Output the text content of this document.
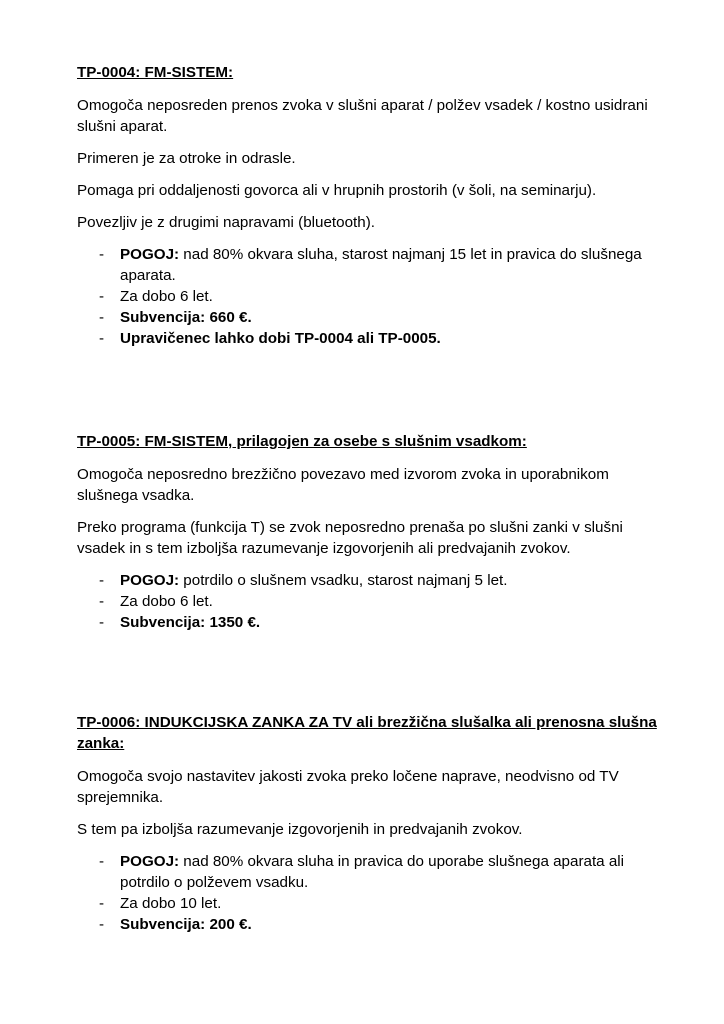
TP-0004: FM-SISTEM:

Omogoča neposreden prenos zvoka v slušni aparat / polžev vsadek / kostno usidrani slušni aparat.

Primeren je za otroke in odrasle.

Pomaga pri oddaljenosti govorca ali v hrupnih prostorih (v šoli, na seminarju).

Povezljiv je z drugimi napravami (bluetooth).

- POGOJ: nad 80% okvara sluha, starost najmanj 15 let in pravica do slušnega aparata.
- Za dobo 6 let.
- Subvencija: 660 €.
- Upravičenec lahko dobi TP-0004 ali TP-0005.

TP-0005: FM-SISTEM, prilagojen za osebe s slušnim vsadkom:

Omogoča neposredno brezžično povezavo med izvorom zvoka in uporabnikom slušnega vsadka.

Preko programa (funkcija T) se zvok neposredno prenaša po slušni zanki v slušni vsadek in s tem izboljša razumevanje izgovorjenih ali predvajanih zvokov.

- POGOJ: potrdilo o slušnem vsadku, starost najmanj 5 let.
- Za dobo 6 let.
- Subvencija: 1350 €.

TP-0006: INDUKCIJSKA ZANKA ZA TV ali brezžična slušalka ali prenosna slušna zanka:

Omogoča svojo nastavitev jakosti zvoka preko ločene naprave, neodvisno od TV sprejemnika.

S tem pa izboljša razumevanje izgovorjenih in predvajanih zvokov.

- POGOJ: nad 80% okvara sluha in pravica do uporabe slušnega aparata ali potrdilo o polževem vsadku.
- Za dobo 10 let.
- Subvencija: 200 €.
